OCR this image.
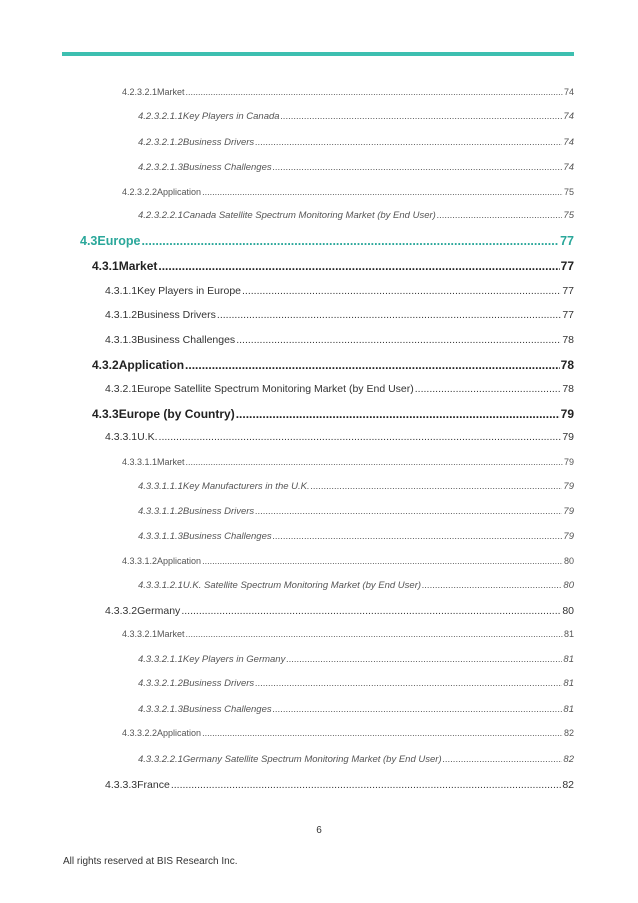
4.2.3.2.1 Market .....	74
4.2.3.2.1.1 Key Players in Canada .....	74
4.2.3.2.1.2 Business Drivers .....	74
4.2.3.2.1.3 Business Challenges .....	74
4.2.3.2.2 Application .....	75
4.2.3.2.2.1 Canada Satellite Spectrum Monitoring Market (by End User) .....	75
4.3 Europe .....	77
4.3.1 Market .....	77
4.3.1.1 Key Players in Europe .....	77
4.3.1.2 Business Drivers .....	77
4.3.1.3 Business Challenges .....	78
4.3.2 Application .....	78
4.3.2.1 Europe Satellite Spectrum Monitoring Market (by End User) .....	78
4.3.3 Europe (by Country) .....	79
4.3.3.1 U.K. .....	79
4.3.3.1.1 Market .....	79
4.3.3.1.1.1 Key Manufacturers in the U.K. .....	79
4.3.3.1.1.2 Business Drivers .....	79
4.3.3.1.1.3 Business Challenges .....	79
4.3.3.1.2 Application .....	80
4.3.3.1.2.1 U.K. Satellite Spectrum Monitoring Market (by End User) .....	80
4.3.3.2 Germany .....	80
4.3.3.2.1 Market .....	81
4.3.3.2.1.1 Key Players in Germany .....	81
4.3.3.2.1.2 Business Drivers .....	81
4.3.3.2.1.3 Business Challenges .....	81
4.3.3.2.2 Application .....	82
4.3.3.2.2.1 Germany Satellite Spectrum Monitoring Market (by End User) .....	82
4.3.3.3 France .....	82
6
All rights reserved at BIS Research Inc.
